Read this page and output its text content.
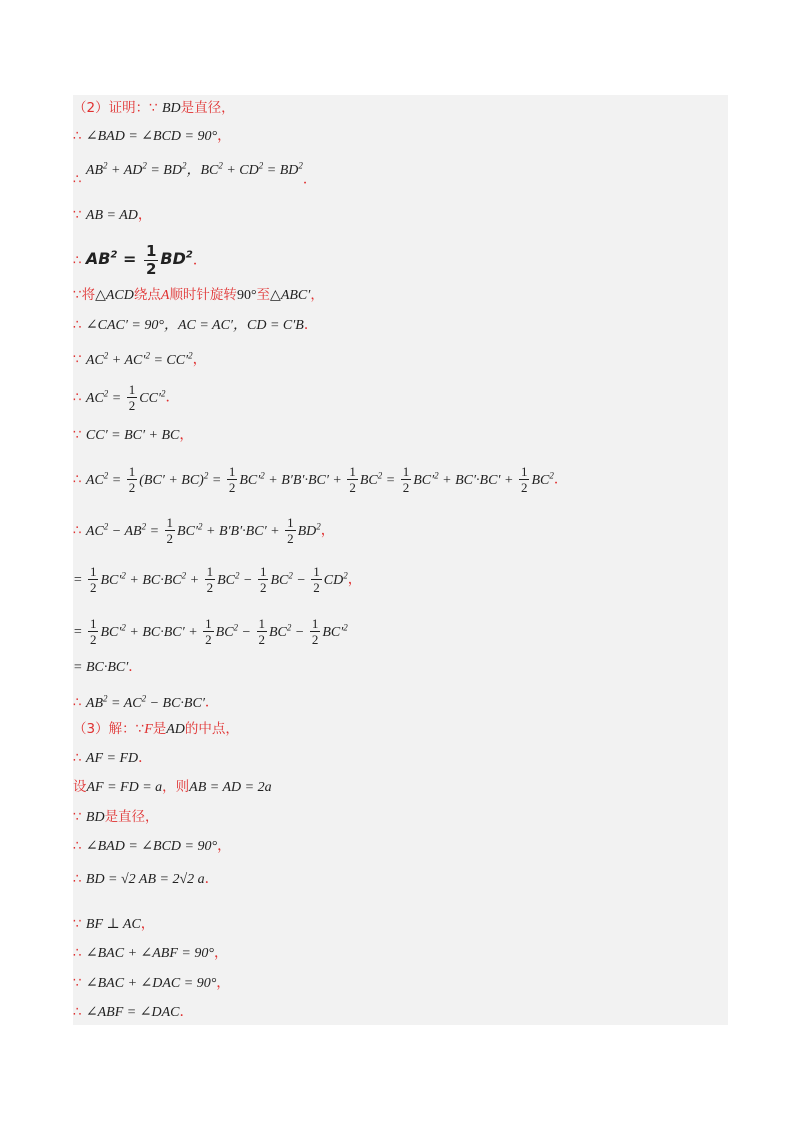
（2）证明：∵ BD是直径，
∴ ∠BAD = ∠BCD = 90°，
∴ $AB^2 + AD^2 = BD^2$，$BC^2 + CD^2 = BD^2$．
∵ AB = AD，
∴ $AB^2 = \frac{1}{2} BD^2$．
∵将△ACD绕点A顺时针旋转90°至△ABC′，
∴ ∠CAC′ = 90°，AC = AC′，CD = C′B．
∵ $AC^2 + AC'^2 = CC'^2$，
∴ $AC^2 = \frac{1}{2} CC'^2$．
∵ CC′ = BC′ + BC，
∴ $AC^2 = \frac{1}{2} (BC' + BC)^2 = \frac{1}{2} BC'^2 + B'B'\cdot BC' + \frac{1}{2} BC^2 = \frac{1}{2} BC'^2 + BC'\cdot BC' + \frac{1}{2} BC^2$．
∴ $AC^2 - AB^2 = \frac{1}{2} BC'^2 + B'B'\cdot BC' + \frac{1}{2} BD^2$，
= $\frac{1}{2} BC'^2 + BC\cdot BC^2 + \frac{1}{2} BC^2 - \frac{1}{2} BC^2 - \frac{1}{2} CD^2$，
= $\frac{1}{2} BC'^2 + BC\cdot BC' + \frac{1}{2} BC^2 - \frac{1}{2} BC^2 - \frac{1}{2} BC'^2$
= BC·BC′．
∴ $AB^2 = AC^2 - BC\cdot BC'$．
（3）解：∵F是AD的中点，
∴ AF = FD．
设AF = FD = a，则AB = AD = 2a
∵ BD是直径，
∴ ∠BAD = ∠BCD = 90°，
∴ BD = √2 AB = 2√2 a．
∵ BF ⊥ AC，
∴ ∠BAC + ∠ABF = 90°，
∵ ∠BAC + ∠DAC = 90°，
∴ ∠ABF = ∠DAC．
